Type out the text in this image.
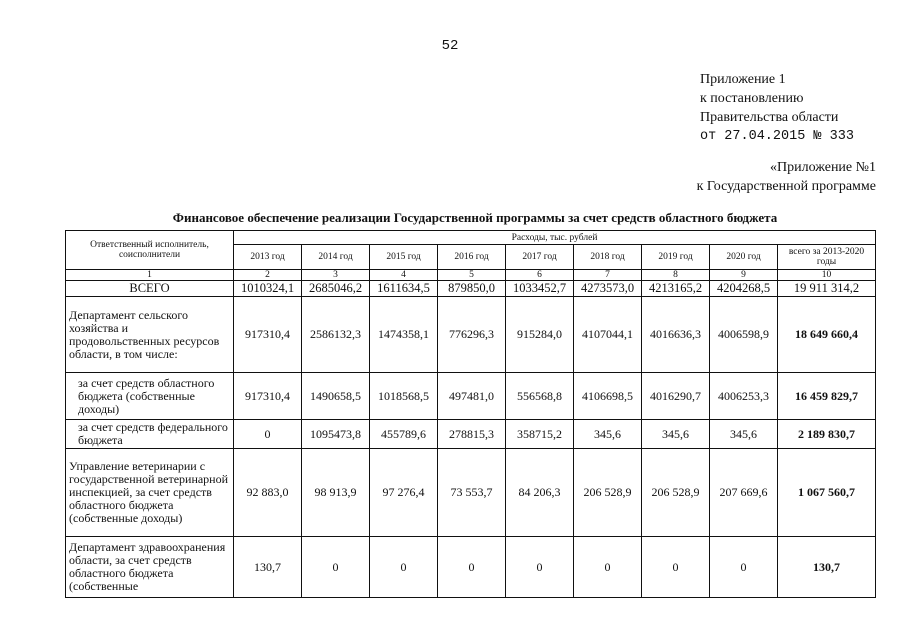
52
Приложение 1
к постановлению
Правительства области
от 27.04.2015 № 333
«Приложение №1
к Государственной программе
Финансовое обеспечение реализации Государственной программы за счет средств областного бюджета
Ответственный исполнитель, соисполнители	Расходы, тыс. рублей								
	2013 год	2014 год	2015 год	2016 год	2017 год	2018 год	2019 год	2020 год	всего за 2013-2020 годы
1	2	3	4	5	6	7	8	9	10
ВСЕГО	1010324,1	2685046,2	1611634,5	879850,0	1033452,7	4273573,0	4213165,2	4204268,5	19 911 314,2
Департамент сельского хозяйства и продовольственных ресурсов области, в том числе:	917310,4	2586132,3	1474358,1	776296,3	915284,0	4107044,1	4016636,3	4006598,9	18 649 660,4
за счет средств областного бюджета (собственные доходы)	917310,4	1490658,5	1018568,5	497481,0	556568,8	4106698,5	4016290,7	4006253,3	16 459 829,7
за счет средств федерального бюджета	0	1095473,8	455789,6	278815,3	358715,2	345,6	345,6	345,6	2 189 830,7
Управление ветеринарии с государственной ветеринарной инспекцией, за счет средств областного бюджета (собственные доходы)	92 883,0	98 913,9	97 276,4	73 553,7	84 206,3	206 528,9	206 528,9	207 669,6	1 067 560,7
Департамент здравоохранения области, за счет средств областного бюджета (собственные	130,7	0	0	0	0	0	0	0	130,7
